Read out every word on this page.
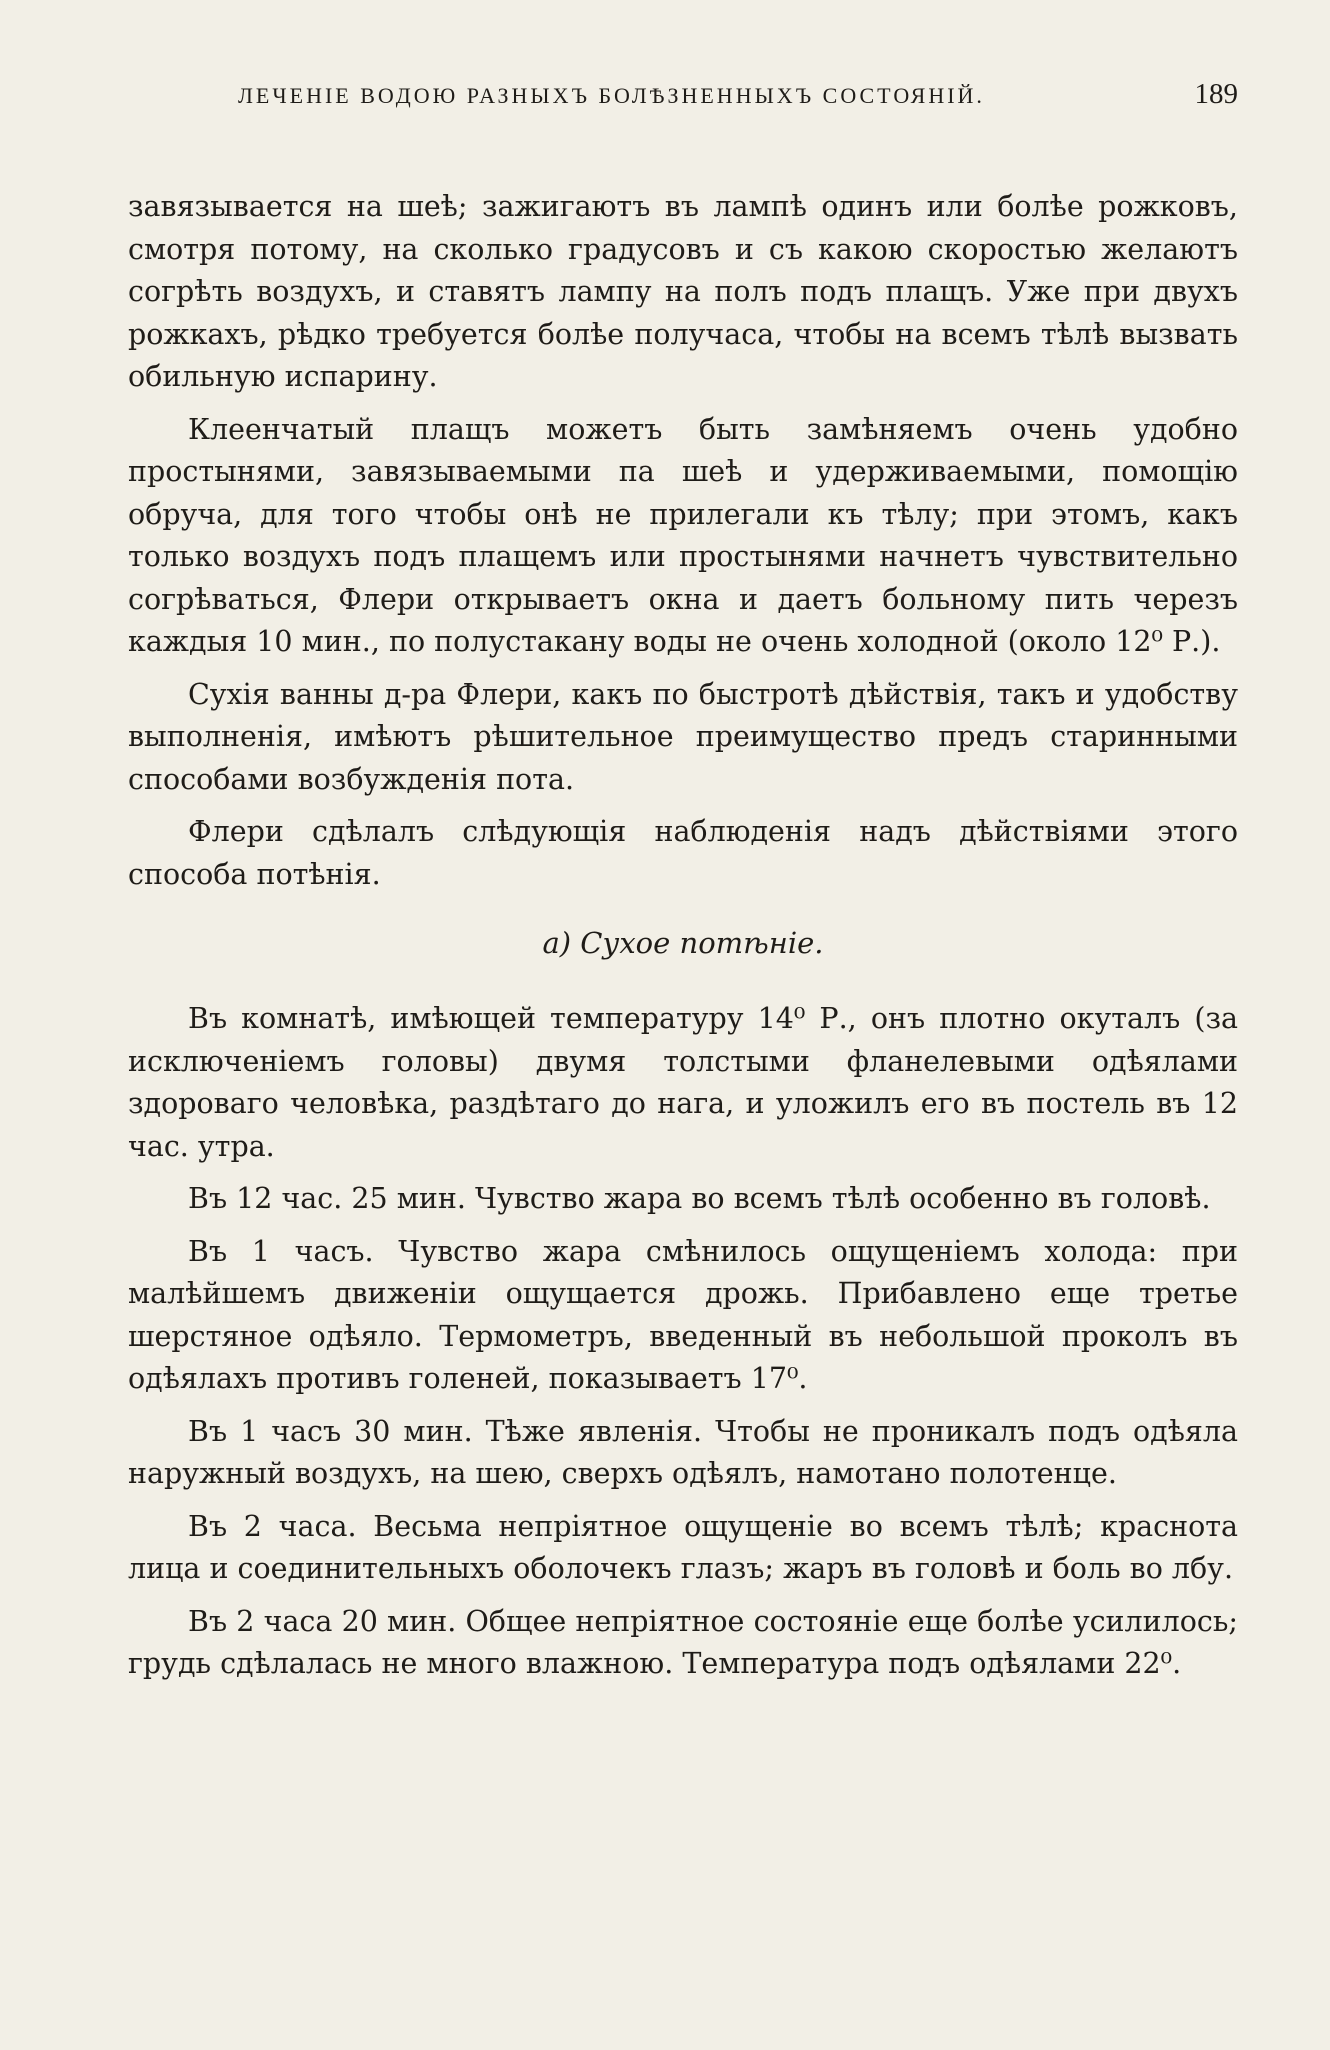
ЛЕЧЕНІЕ ВОДОЮ РАЗНЫХЪ БОЛѢЗНЕННЫХЪ СОСТОЯНІЙ.	189

завязывается на шеѣ; зажигаютъ въ лампѣ одинъ или болѣе рожковъ, смотря потому, на сколько градусовъ и съ какою скоростью желаютъ согрѣть воздухъ, и ставятъ лампу на полъ подъ плащъ. Уже при двухъ рожкахъ, рѣдко требуется болѣе получаса, чтобы на всемъ тѣлѣ вызвать обильную испарину.

Клеенчатый плащъ можетъ быть замѣняемъ очень удобно простынями, завязываемыми па шеѣ и удерживаемыми, помощію обруча, для того чтобы онѣ не прилегали къ тѣлу; при этомъ, какъ только воздухъ подъ плащемъ или простынями начнетъ чувствительно согрѣваться, Флери открываетъ окна и даетъ больному пить черезъ каждыя 10 мин., по полустакану воды не очень холодной (около 12⁰ Р.).

Сухія ванны д-ра Флери, какъ по быстротѣ дѣйствія, такъ и удобству выполненія, имѣютъ рѣшительное преимущество предъ старинными способами возбужденія пота.

Флери сдѣлалъ слѣдующія наблюденія надъ дѣйствіями этого способа потѣнія.

а) Сухое потѣніе.

Въ комнатѣ, имѣющей температуру 14⁰ Р., онъ плотно окуталъ (за исключеніемъ головы) двумя толстыми фланелевыми одѣялами здороваго человѣка, раздѣтаго до нага, и уложилъ его въ постель въ 12 час. утра.

Въ 12 час. 25 мин. Чувство жара во всемъ тѣлѣ особенно въ головѣ.

Въ 1 часъ. Чувство жара смѣнилось ощущеніемъ холода: при малѣйшемъ движеніи ощущается дрожь. Прибавлено еще третье шерстяное одѣяло. Термометръ, введенный въ небольшой проколъ въ одѣялахъ противъ голеней, показываетъ 17⁰.

Въ 1 часъ 30 мин. Тѣже явленія. Чтобы не проникалъ подъ одѣяла наружный воздухъ, на шею, сверхъ одѣялъ, намотано полотенце.

Въ 2 часа. Весьма непріятное ощущеніе во всемъ тѣлѣ; краснота лица и соединительныхъ оболочекъ глазъ; жаръ въ головѣ и боль во лбу.

Въ 2 часа 20 мин. Общее непріятное состояніе еще болѣе усилилось; грудь сдѣлалась не много влажною. Температура подъ одѣялами 22⁰.
